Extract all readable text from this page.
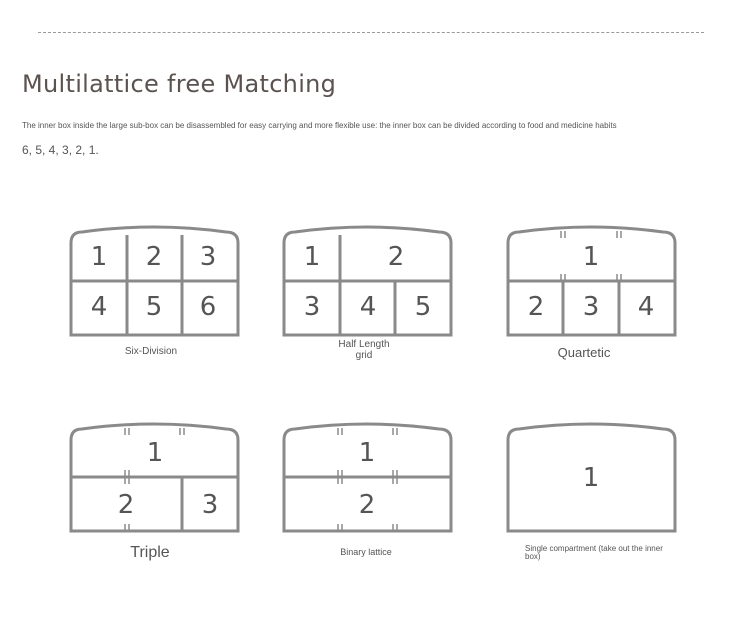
Multilattice free Matching
The inner box inside the large sub-box can be disassembled for easy carrying and more flexible use: the inner box can be divided according to food and medicine habits
6, 5, 4, 3, 2, 1.
1 2 3
4 5 6
1	2
3 4 5
1
2 3 4
1
2	3
1
2
1
Six-Division
Half Length grid	Quartetic
Triple	Binary lattice	Single compartment (take out the inner box)
